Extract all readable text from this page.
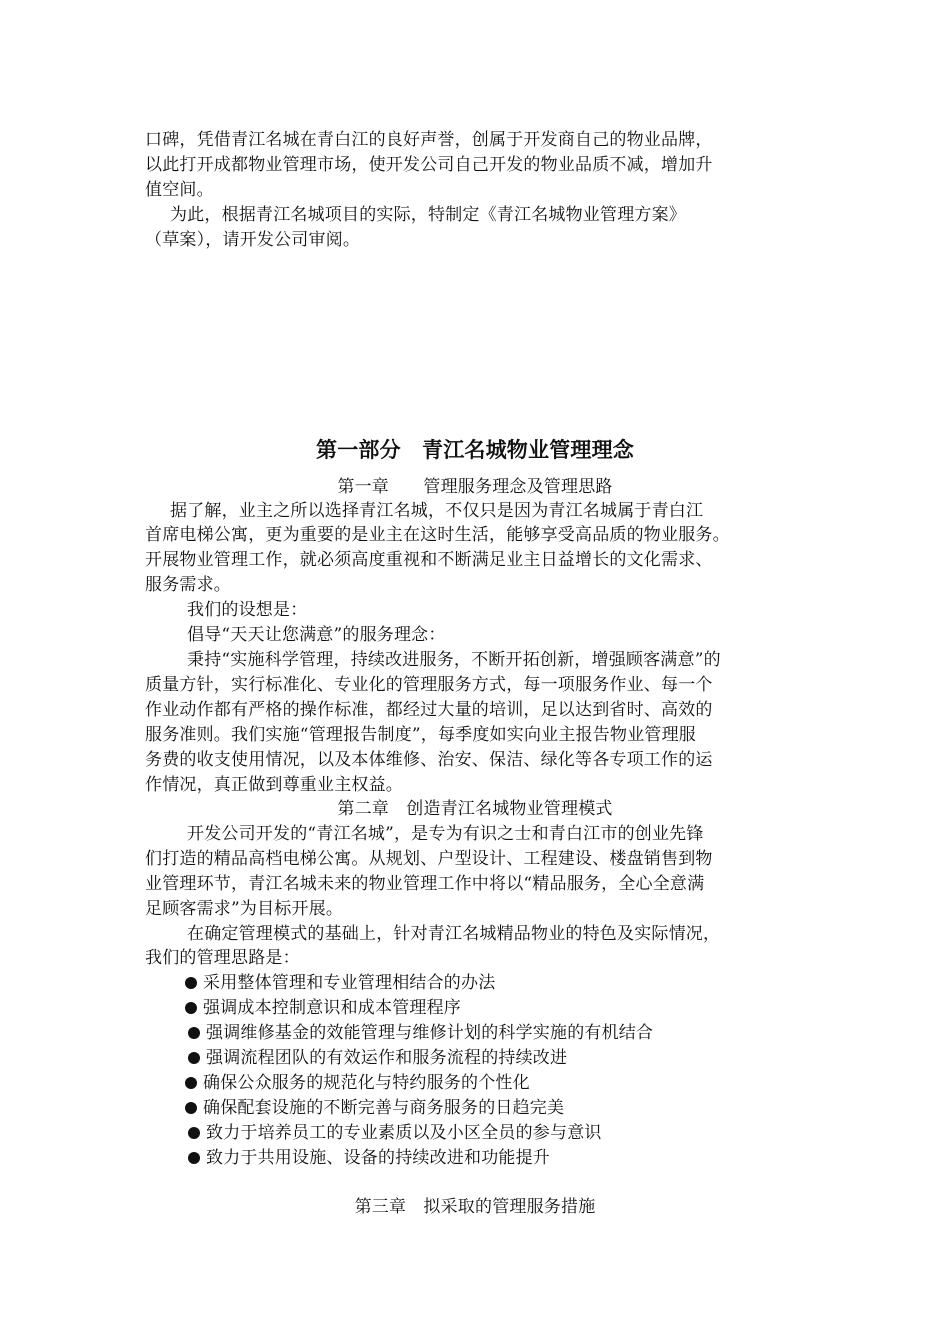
口碑，凭借青江名城在青白江的良好声誉，创属于开发商自己的物业品牌，
以此打开成都物业管理市场，使开发公司自己开发的物业品质不减，增加升
值空间。
为此，根据青江名城项目的实际，特制定《青江名城物业管理方案》
（草案），请开发公司审阅。
第一部分　青江名城物业管理理念
第一章　　管理服务理念及管理思路
据了解，业主之所以选择青江名城，不仅只是因为青江名城属于青白江
首席电梯公寓，更为重要的是业主在这时生活，能够享受高品质的物业服务。
开展物业管理工作，就必须高度重视和不断满足业主日益增长的文化需求、
服务需求。
我们的设想是：
倡导“天天让您满意”的服务理念：
秉持“实施科学管理，持续改进服务，不断开拓创新，增强顾客满意”的
质量方针，实行标准化、专业化的管理服务方式，每一项服务作业、每一个
作业动作都有严格的操作标准，都经过大量的培训，足以达到省时、高效的
服务准则。我们实施“管理报告制度”，每季度如实向业主报告物业管理服
务费的收支使用情况，以及本体维修、治安、保洁、绿化等各专项工作的运
作情况，真正做到尊重业主权益。
第二章　创造青江名城物业管理模式
开发公司开发的“青江名城”，是专为有识之士和青白江市的创业先锋
们打造的精品高档电梯公寓。从规划、户型设计、工程建设、楼盘销售到物
业管理环节，青江名城未来的物业管理工作中将以“精品服务，全心全意满
足顾客需求”为目标开展。
在确定管理模式的基础上，针对青江名城精品物业的特色及实际情况，
我们的管理思路是：
采用整体管理和专业管理相结合的办法
强调成本控制意识和成本管理程序
强调维修基金的效能管理与维修计划的科学实施的有机结合
强调流程团队的有效运作和服务流程的持续改进
确保公众服务的规范化与特约服务的个性化
确保配套设施的不断完善与商务服务的日趋完美
致力于培养员工的专业素质以及小区全员的参与意识
致力于共用设施、设备的持续改进和功能提升
第三章　拟采取的管理服务措施
